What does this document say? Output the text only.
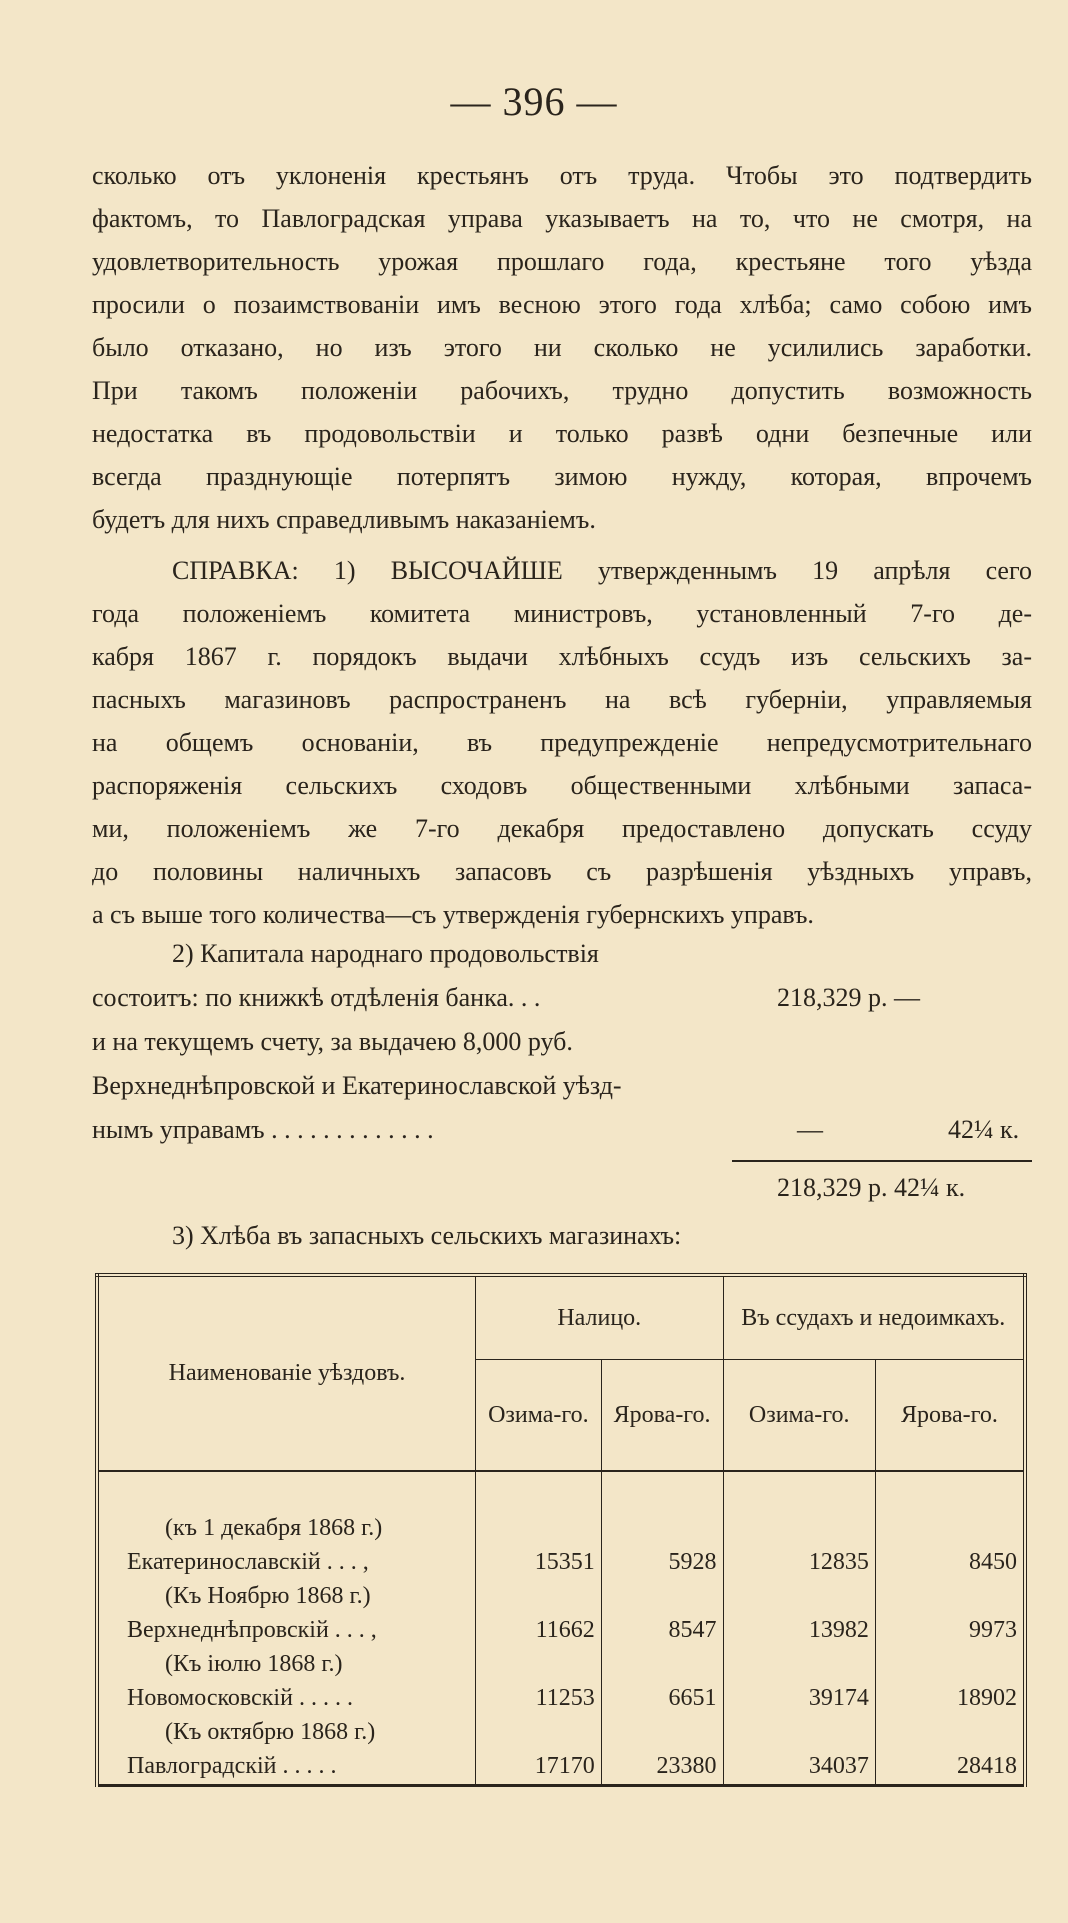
— 396 —
сколько отъ уклоненія крестьянъ отъ труда. Чтобы это подтвердить
фактомъ, то Павлоградская управа указываетъ на то, что не смотря, на
удовлетворительность урожая прошлаго года, крестьяне того уѣзда
просили о позаимствованіи имъ весною этого года хлѣба; само собою имъ
было отказано, но изъ этого ни сколько не усилились заработки.
При такомъ положеніи рабочихъ, трудно допустить возможность
недостатка въ продовольствіи и только развѣ одни безпечные или
всегда празднующіе потерпятъ зимою нужду, которая, впрочемъ
будетъ для нихъ справедливымъ наказаніемъ.
СПРАВКА: 1) ВЫСОЧАЙШЕ утвержденнымъ 19 апрѣля сего
года положеніемъ комитета министровъ, установленный 7-го де-
кабря 1867 г. порядокъ выдачи хлѣбныхъ ссудъ изъ сельскихъ за-
пасныхъ магазиновъ распространенъ на всѣ губерніи, управляемыя
на общемъ основаніи, въ предупрежденіе непредусмотрительнаго
распоряженія сельскихъ сходовъ общественными хлѣбными запаса-
ми, положеніемъ же 7-го декабря предоставлено допускать ссуду
до половины наличныхъ запасовъ съ разрѣшенія уѣздныхъ управъ,
а съ выше того количества—съ утвержденія губернскихъ управъ.
2) Капитала народнаго продовольствія
состоитъ: по книжкѣ отдѣленія банка. . .	218,329 р. —
и на текущемъ счету, за выдачею 8,000 руб.
Верхнеднѣпровской и Екатеринославской уѣзд-
нымъ управамъ . . . . . . . . . . . . .	—	42¼ к.
218,329 р. 42¼ к.
3) Хлѣба въ запасныхъ сельскихъ магазинахъ:
Наименованіе уѣздовъ.	Налицо.		Въ ссудахъ и недоимкахъ.	
	Озима-го.	Ярова-го.	Озима-го.	Ярова-го.

(къ 1 декабря 1868 г.)				
Екатеринославскій . . . ,	15351	5928	12835	8450
(Къ Ноябрю 1868 г.)				
Верхнеднѣпровскій . . . ,	11662	8547	13982	9973
(Къ іюлю 1868 г.)				
Новомосковскій . . . . .	11253	6651	39174	18902
(Къ октябрю 1868 г.)				
Павлоградскій . . . . .	17170	23380	34037	28418
